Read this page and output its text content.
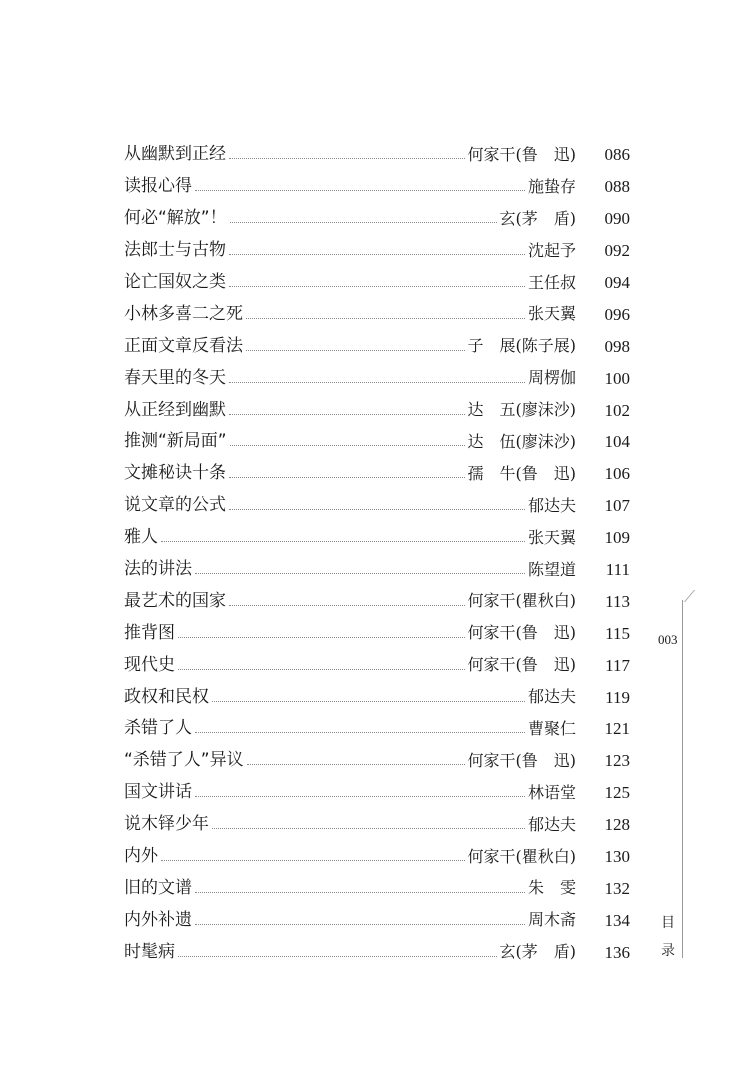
从幽默到正经	何家干(鲁　迅)	086
读报心得	施蛰存	088
何必“解放”！	玄(茅　盾)	090
法郎士与古物	沈起予	092
论亡国奴之类	王任叔	094
小林多喜二之死	张天翼	096
正面文章反看法	子　展(陈子展)	098
春天里的冬天	周楞伽	100
从正经到幽默	达　五(廖沫沙)	102
推测“新局面”	达　伍(廖沫沙)	104
文摊秘诀十条	孺　牛(鲁　迅)	106
说文章的公式	郁达夫	107
雅人	张天翼	109
法的讲法	陈望道	111
最艺术的国家	何家干(瞿秋白)	113
推背图	何家干(鲁　迅)	115
现代史	何家干(鲁　迅)	117
政权和民权	郁达夫	119
杀错了人	曹聚仁	121
“杀错了人”异议	何家干(鲁　迅)	123
国文讲话	林语堂	125
说木铎少年	郁达夫	128
内外	何家干(瞿秋白)	130
旧的文谱	朱　雯	132
内外补遗	周木斋	134
时髦病	玄(茅　盾)	136
003
目
录
